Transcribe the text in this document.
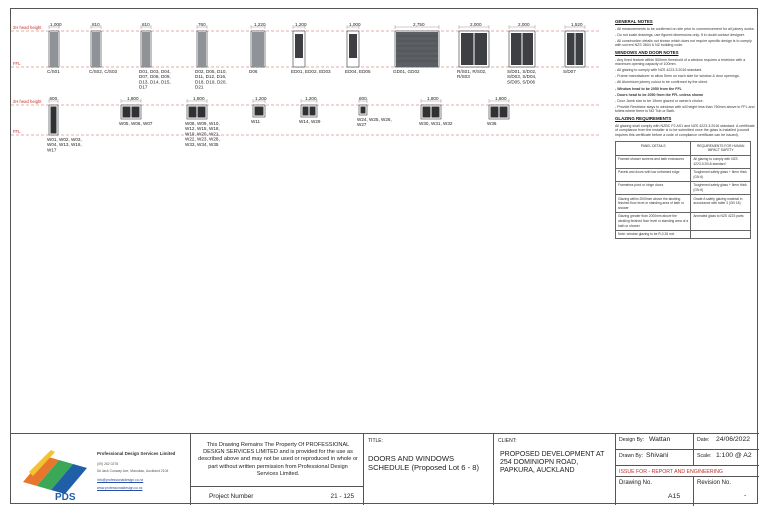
2H head height
FFL
1,000
C/S01
810
C/S02, C/S03
810
D01, D03, D04, D07, D08, D09, D13, D14, D15, D17
760
D02, D05, D10, D11, D12, D16, D18, D19, D20, D21
1,220
D06
1,200
ED01, ED02, ED03
1,000
ED04, ED05
2,750
GD01, GD02
2,000
R/S01, R/S02, R/S03
2,000
S/D01, S/D02, S/D03, S/D04, S/D05, S/D06
1,520
S/D07
2H head height
FFL
600
W01, W02, W03, W04, W13, W16, W17
1,800
W05, W06, W07
1,800
W08, W09, W10, W12, W15, W18, W19, W20, W21, W22, W23, W28, W33, W34, W35
1,200
W11
1,200
W14, W29
600
W24, W25, W26, W27
1,800
W30, W31, W32
1,800
W36
GENERAL NOTES

- All measurements to be confirmed on site prior to commencement for all joinery works.

- Do not scale drawings, use figured dimensions only. If in doubt contact designer.

- All construction details not shown which does not require specific design is to comply with current NZS 3604 & NZ building code.

WINDOWS AND DOOR NOTES

- Any fixed feature within 500mm threshold of a window requires a restrictor with a maximum opening capacity of 100mm.

- All glazing to comply with NZS 4223.3:2016 standard.

- Frame manufacturer to allow 5mm on each side for window & door openings.

- All Aluminium joinery colour to be confirmed by the client.

- Window head to be 2050 from the FFL

- Doors head to be 2050 from the FFL unless shown

- Door Jamb size to be 19mm glazed or owner's choice.

- Provide Restrictor stays to windows with sill height less than 760mm above in FFL and toilets where there is NO Tub or Bath.

GLAZING REQUIREMENTS

All glazing shall comply with NZBC F2 AS1 and NZS 4223.3:2016 standard. A certificate of compliance from the installer is to be submitted once the glass is installed (council requires this certificate before a code of compliance certificate can be issued).

PANEL DETAILS	REQUIREMENTS FOR HUMAN IMPACT SAFETY
Framed shower screens and bath enclosures	All glazing to comply with NZS 4223.3:2016 standard
Panels and doors with low unframed edge	Toughened safety glass + 5mm thick (GN 6)
Frameless pivot or hinge doors	Toughened safety glass + 5mm thick (GN 6)
Glazing within 2000mm above the abutting finished floor level or standing area of bath or shower	Grade A safety glazing material in accordance with table 3 (GN 18)
Glazing greater than 2000mm above the abutting finished floor level or standing area of a bath or shower	Annealed glass to NZS 4223 parts
Note: window glazing to be R-0.26 mix	
PDS
Professional Design Services Limited
(09) 262 0278
5d Jack Conway Ave, Manukau, Auckland 2104
info@professionaldesign.co.nz
www.professionaldesign.co.nz
This Drawing Remains The Property Of PROFESSIONAL DESIGN SERVICES LIMITED and is provided for the use as described above and may not be used or reproduced in whole or part without written permission from Professional Design Services Limited.
Project Number	21 - 125
TITLE:
DOORS AND WINDOWS SCHEDULE (Proposed Lot 6 - 8)
CLIENT:
PROPOSED DEVELOPMENT AT 254 DOMINIOPN ROAD, PAPKURA, AUCKLAND
Design By: Wattan	Date: 24/06/2022
Drawn By: Shivani	Scale: 1:100 @ A2
ISSUE FOR - REPORT AND ENGINEERING
Drawing No.
A15
Revision No.
-
